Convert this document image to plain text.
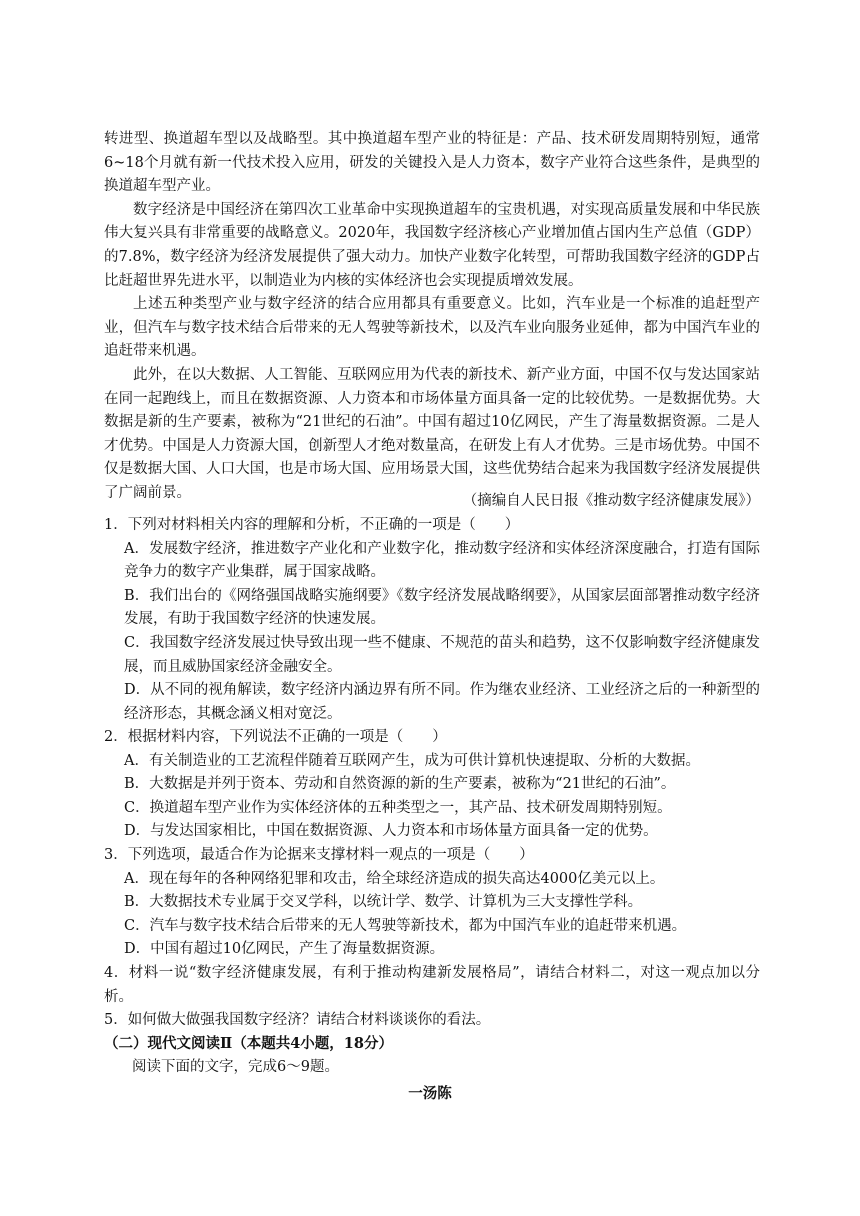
转进型、换道超车型以及战略型。其中换道超车型产业的特征是：产品、技术研发周期特别短，通常6~18个月就有新一代技术投入应用，研发的关键投入是人力资本，数字产业符合这些条件，是典型的换道超车型产业。

数字经济是中国经济在第四次工业革命中实现换道超车的宝贵机遇，对实现高质量发展和中华民族伟大复兴具有非常重要的战略意义。2020年，我国数字经济核心产业增加值占国内生产总值（GDP）的7.8%，数字经济为经济发展提供了强大动力。加快产业数字化转型，可帮助我国数字经济的GDP占比赶超世界先进水平，以制造业为内核的实体经济也会实现提质增效发展。

上述五种类型产业与数字经济的结合应用都具有重要意义。比如，汽车业是一个标准的追赶型产业，但汽车与数字技术结合后带来的无人驾驶等新技术，以及汽车业向服务业延伸，都为中国汽车业的追赶带来机遇。

此外，在以大数据、人工智能、互联网应用为代表的新技术、新产业方面，中国不仅与发达国家站在同一起跑线上，而且在数据资源、人力资本和市场体量方面具备一定的比较优势。一是数据优势。大数据是新的生产要素，被称为“21世纪的石油”。中国有超过10亿网民，产生了海量数据资源。二是人才优势。中国是人力资源大国，创新型人才绝对数量高，在研发上有人才优势。三是市场优势。中国不仅是数据大国、人口大国，也是市场大国、应用场景大国，这些优势结合起来为我国数字经济发展提供了广阔前景。

（摘编自人民日报《推动数字经济健康发展》）

1．下列对材料相关内容的理解和分析，不正确的一项是（　　）

A．发展数字经济，推进数字产业化和产业数字化，推动数字经济和实体经济深度融合，打造有国际竞争力的数字产业集群，属于国家战略。

B．我们出台的《网络强国战略实施纲要》《数字经济发展战略纲要》，从国家层面部署推动数字经济发展，有助于我国数字经济的快速发展。

C．我国数字经济发展过快导致出现一些不健康、不规范的苗头和趋势，这不仅影响数字经济健康发展，而且威胁国家经济金融安全。

D．从不同的视角解读，数字经济内涵边界有所不同。作为继农业经济、工业经济之后的一种新型的经济形态，其概念涵义相对宽泛。

2．根据材料内容，下列说法不正确的一项是（　　）

A．有关制造业的工艺流程伴随着互联网产生，成为可供计算机快速提取、分析的大数据。

B．大数据是并列于资本、劳动和自然资源的新的生产要素，被称为“21世纪的石油”。

C．换道超车型产业作为实体经济体的五种类型之一，其产品、技术研发周期特别短。

D．与发达国家相比，中国在数据资源、人力资本和市场体量方面具备一定的优势。

3．下列选项，最适合作为论据来支撑材料一观点的一项是（　　）

A．现在每年的各种网络犯罪和攻击，给全球经济造成的损失高达4000亿美元以上。

B．大数据技术专业属于交叉学科，以统计学、数学、计算机为三大支撑性学科。

C．汽车与数字技术结合后带来的无人驾驶等新技术，都为中国汽车业的追赶带来机遇。

D．中国有超过10亿网民，产生了海量数据资源。

4．材料一说“数字经济健康发展，有利于推动构建新发展格局”，请结合材料二，对这一观点加以分析。

5．如何做大做强我国数字经济？请结合材料谈谈你的看法。

（二）现代文阅读Ⅱ（本题共4小题，18分）

阅读下面的文字，完成6～9题。

一汤陈
